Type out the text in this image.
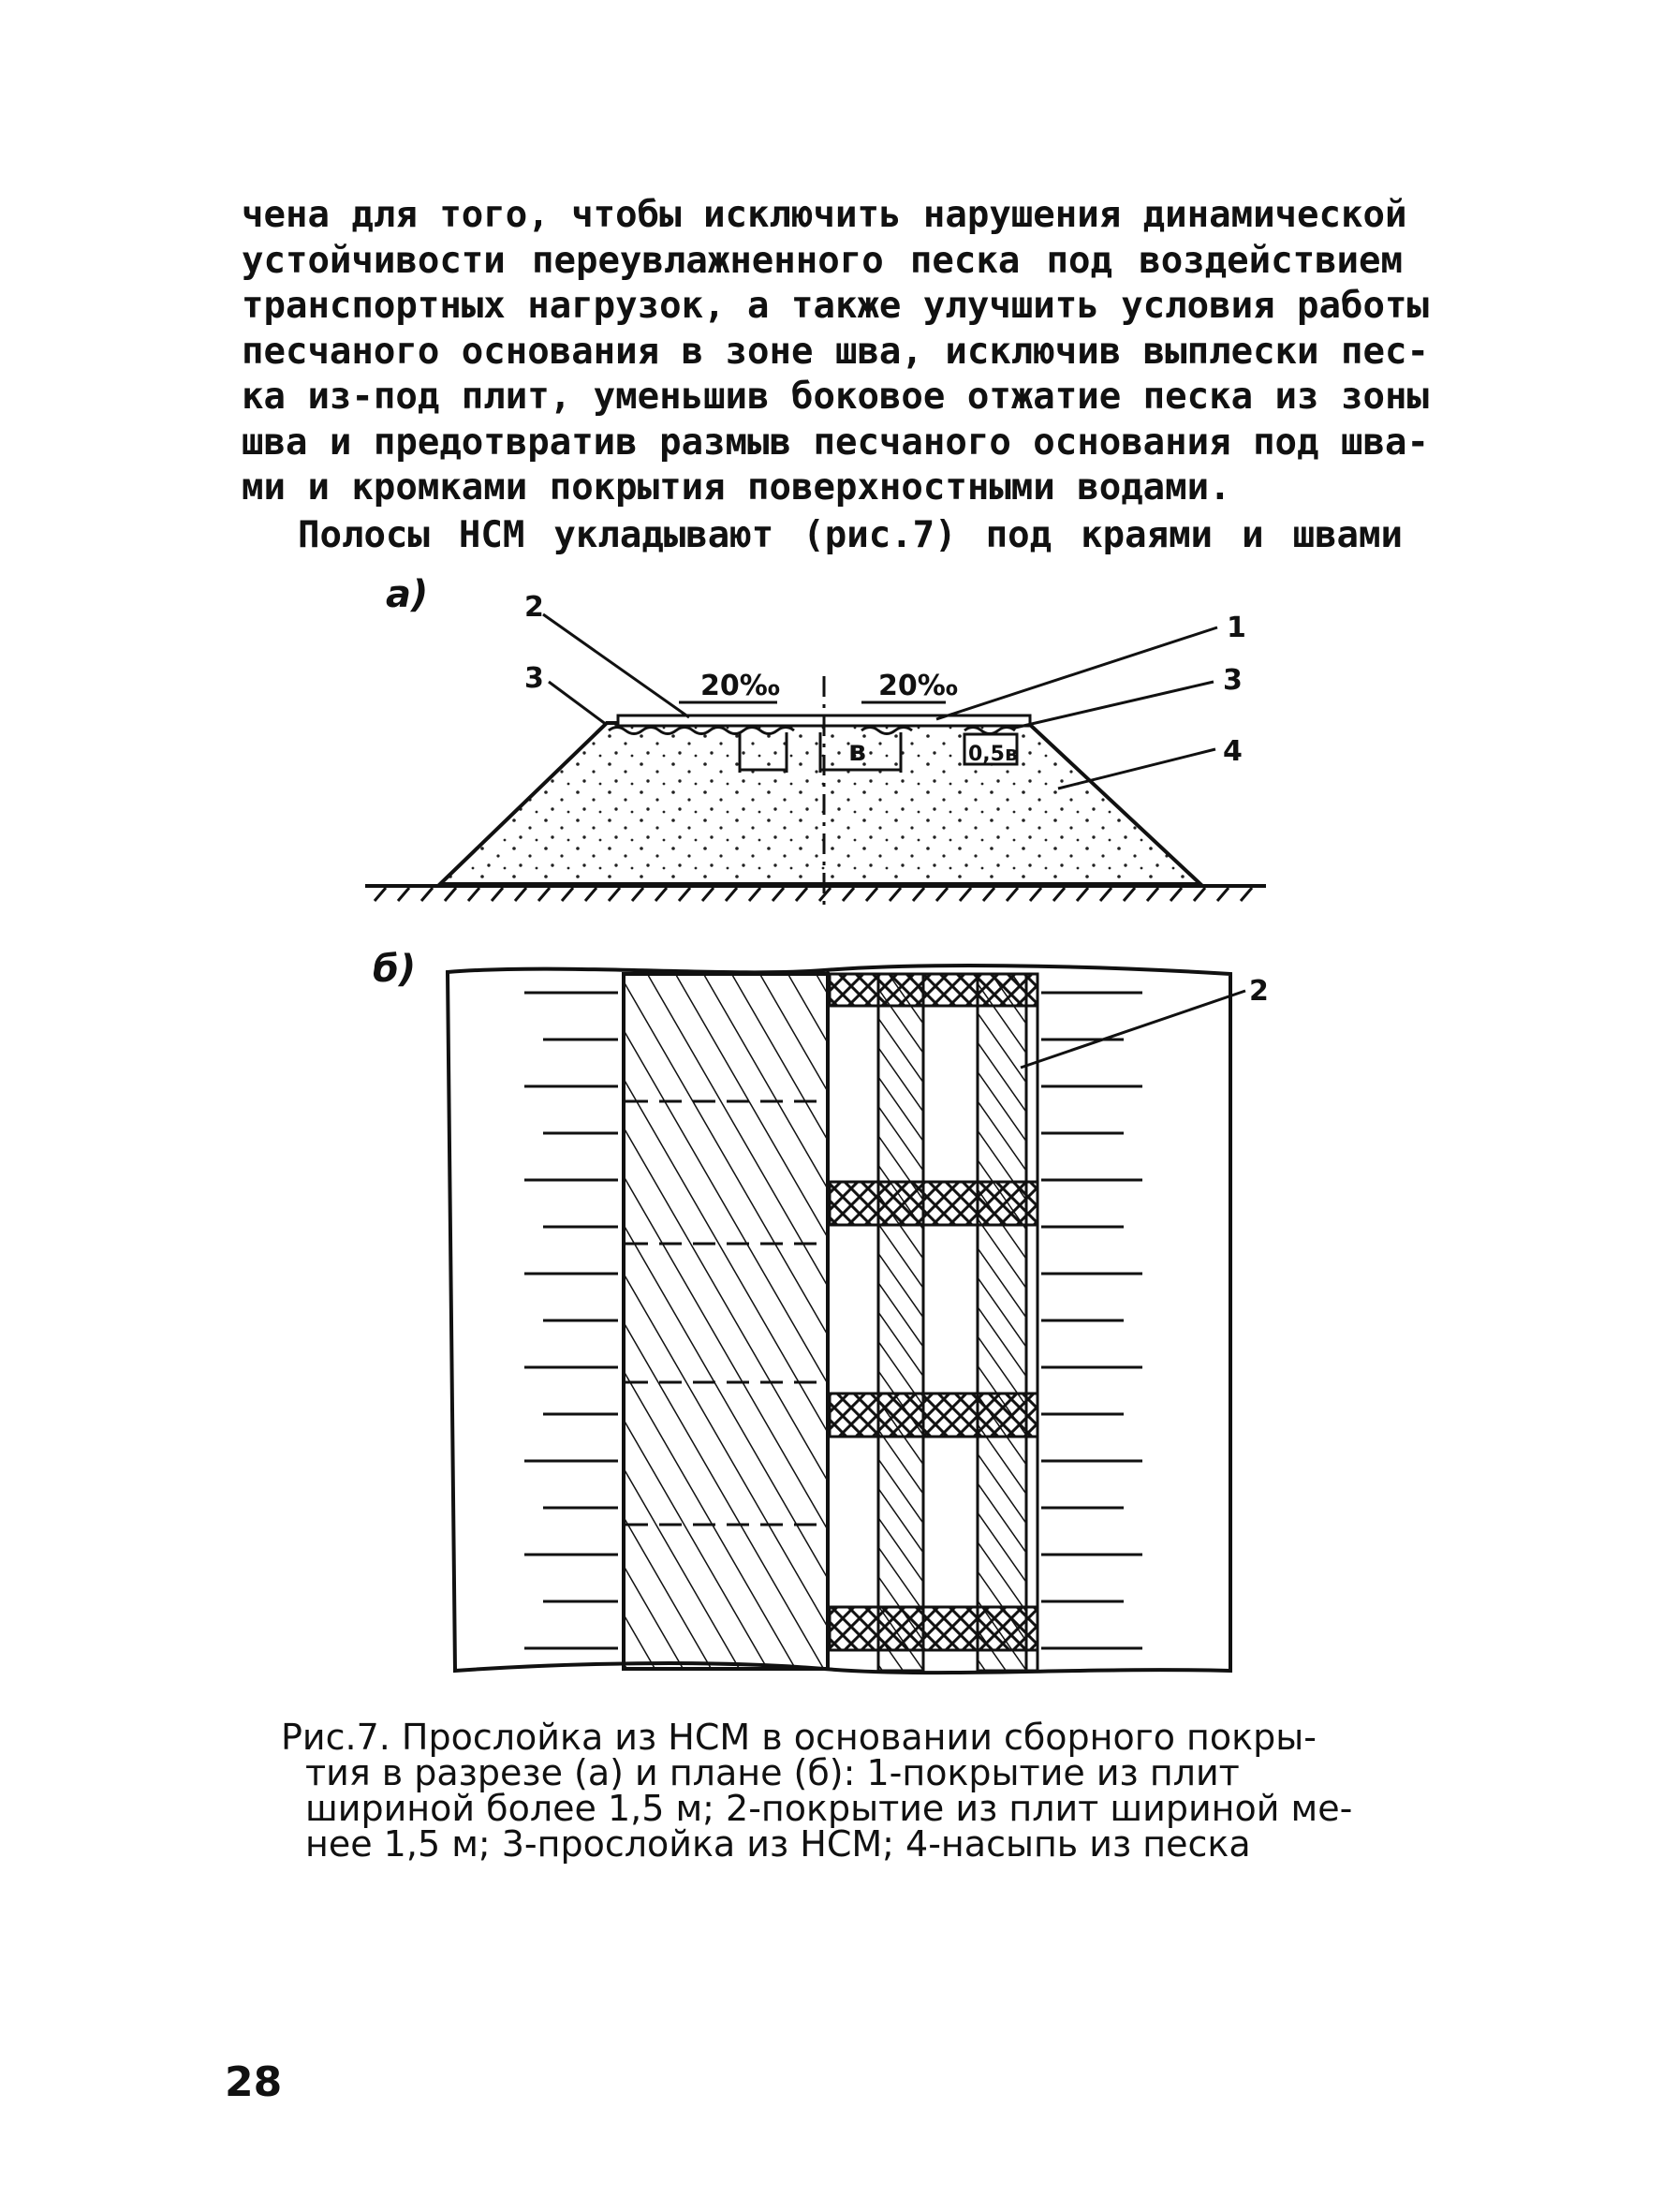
чена для того, чтобы исключить нарушения динамической
устойчивости переувлажненного песка под воздействием
транспортных нагрузок, а также улучшить условия работы
песчаного основания в зоне шва, исключив выплески пес-
ка из-под плит, уменьшив боковое отжатие песка из зоны
шва и предотвратив размыв песчаного основания под шва-
ми и кромками покрытия поверхностными водами.
Полосы НСМ укладывают (рис.7) под краями и швами
в	0,5в
20‰	20‰
2
3
1
3
4
2
а)
б)
Рис.7. Прослойка из НСМ в основании сборного покры-
тия в разрезе (а) и плане (б): 1-покрытие из плит
шириной более 1,5 м; 2-покрытие из плит шириной ме-
нее 1,5 м; 3-прослойка из НСМ; 4-насыпь из песка
28
